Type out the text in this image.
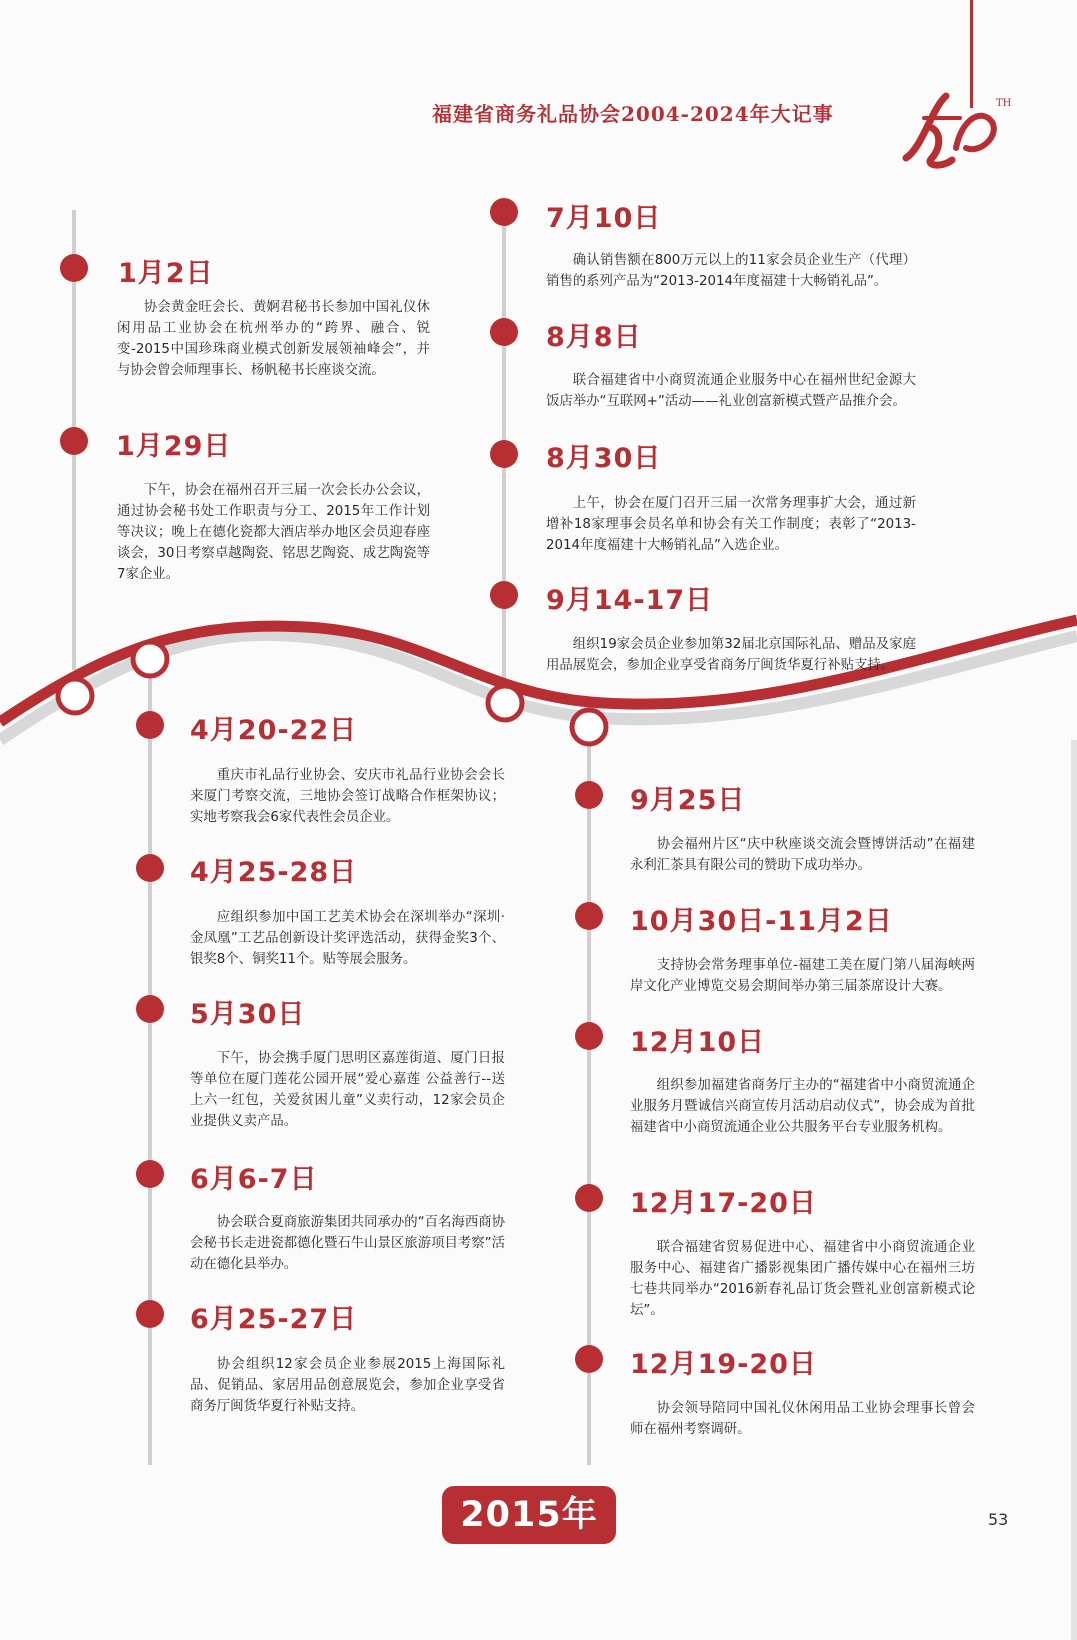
福建省商务礼品协会2004-2024年大记事	TH
1月2日
协会黄金旺会长、黄婀君秘书长参加中国礼仪休闲用品工业协会在杭州举办的“跨界、融合、锐变-2015中国珍珠商业模式创新发展领袖峰会”，并与协会曾会师理事长、杨帆秘书长座谈交流。
1月29日
下午，协会在福州召开三届一次会长办公会议，通过协会秘书处工作职责与分工、2015年工作计划等决议；晚上在德化瓷都大酒店举办地区会员迎春座谈会，30日考察卓越陶瓷、铭思艺陶瓷、成艺陶瓷等7家企业。
7月10日
确认销售额在800万元以上的11家会员企业生产（代理）销售的系列产品为“2013-2014年度福建十大畅销礼品”。
8月8日
联合福建省中小商贸流通企业服务中心在福州世纪金源大饭店举办“互联网+”活动——礼业创富新模式暨产品推介会。
8月30日
上午，协会在厦门召开三届一次常务理事扩大会，通过新增补18家理事会员名单和协会有关工作制度；表彰了“2013-2014年度福建十大畅销礼品”入选企业。
9月14-17日
组织19家会员企业参加第32届北京国际礼品、赠品及家庭用品展览会，参加企业享受省商务厅闽货华夏行补贴支持。
4月20-22日
重庆市礼品行业协会、安庆市礼品行业协会会长来厦门考察交流，三地协会签订战略合作框架协议；实地考察我会6家代表性会员企业。
4月25-28日
应组织参加中国工艺美术协会在深圳举办“深圳·金凤凰”工艺品创新设计奖评选活动，获得金奖3个、银奖8个、铜奖11个。贴等展会服务。
5月30日
下午，协会携手厦门思明区嘉莲街道、厦门日报等单位在厦门莲花公园开展“爱心嘉莲 公益善行--送上六一红包，关爱贫困儿童”义卖行动，12家会员企业提供义卖产品。
6月6-7日
协会联合夏商旅游集团共同承办的“百名海西商协会秘书长走进瓷都德化暨石牛山景区旅游项目考察”活动在德化县举办。
6月25-27日
协会组织12家会员企业参展2015上海国际礼品、促销品、家居用品创意展览会，参加企业享受省商务厅闽货华夏行补贴支持。
9月25日
协会福州片区“庆中秋座谈交流会暨博饼活动”在福建永利汇茶具有限公司的赞助下成功举办。
10月30日-11月2日
支持协会常务理事单位-福建工美在厦门第八届海峡两岸文化产业博览交易会期间举办第三届茶席设计大赛。
12月10日
组织参加福建省商务厅主办的“福建省中小商贸流通企业服务月暨诚信兴商宣传月活动启动仪式”，协会成为首批福建省中小商贸流通企业公共服务平台专业服务机构。
12月17-20日
联合福建省贸易促进中心、福建省中小商贸流通企业服务中心、福建省广播影视集团广播传媒中心在福州三坊七巷共同举办“2016新春礼品订货会暨礼业创富新模式论坛”。
12月19-20日
协会领导陪同中国礼仪休闲用品工业协会理事长曾会师在福州考察调研。
2015年	53
